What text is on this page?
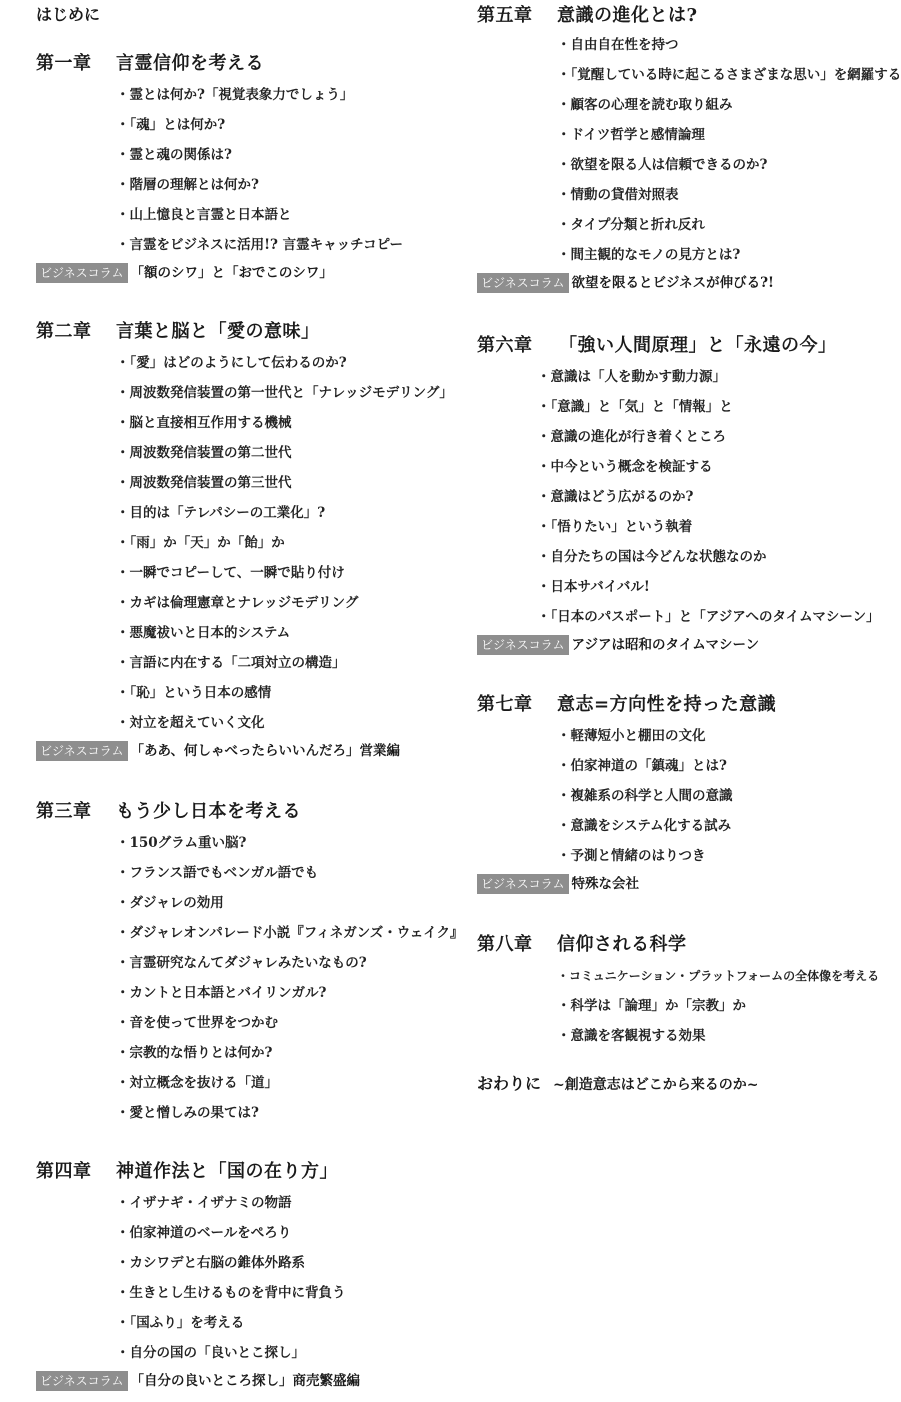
はじめに
第一章 言霊信仰を考える
・ 霊とは何か?「視覚表象力でしょう」
・ 「魂」とは何か?
・ 霊と魂の関係は?
・ 階層の理解とは何か?
・ 山上憶良と言霊と日本語と
・ 言霊をビジネスに活用!? 言霊キャッチコピー
ビジネスコラム 「額のシワ」と「おでこのシワ」
第二章 言葉と脳と「愛の意味」
・ 「愛」はどのようにして伝わるのか?
・ 周波数発信装置の第一世代と「ナレッジモデリング」
・ 脳と直接相互作用する機械
・ 周波数発信装置の第二世代
・ 周波数発信装置の第三世代
・ 目的は「テレパシーの工業化」?
・ 「雨」か「天」か「飴」か
・ 一瞬でコピーして、一瞬で貼り付け
・ カギは倫理憲章とナレッジモデリング
・ 悪魔祓いと日本的システム
・ 言語に内在する「二項対立の構造」
・ 「恥」という日本の感情
・ 対立を超えていく文化
ビジネスコラム 「ああ、何しゃべったらいいんだろ」営業編
第三章 もう少し日本を考える
・ 150グラム重い脳?
・ フランス語でもベンガル語でも
・ ダジャレの効用
・ ダジャレオンパレード小説『フィネガンズ・ウェイク』
・ 言霊研究なんてダジャレみたいなもの?
・ カントと日本語とバイリンガル?
・ 音を使って世界をつかむ
・ 宗教的な悟りとは何か?
・ 対立概念を抜ける「道」
・ 愛と憎しみの果ては?
第四章 神道作法と「国の在り方」
・ イザナギ・イザナミの物語
・ 伯家神道のベールをぺろり
・ カシワデと右脳の錐体外路系
・ 生きとし生けるものを背中に背負う
・ 「国ふり」を考える
・ 自分の国の「良いとこ探し」
ビジネスコラム 「自分の良いところ探し」商売繁盛編
第五章 意識の進化とは?
・ 自由自在性を持つ
・ 「覚醒している時に起こるさまざまな思い」を網羅する
・ 顧客の心理を読む取り組み
・ ドイツ哲学と感情論理
・ 欲望を限る人は信頼できるのか?
・ 情動の貸借対照表
・ タイプ分類と折れ反れ
・ 間主観的なモノの見方とは?
ビジネスコラム 欲望を限るとビジネスが伸びる?!
第六章 「強い人間原理」と「永遠の今」
・ 意識は「人を動かす動力源」
・ 「意識」と「気」と「情報」と
・ 意識の進化が行き着くところ
・ 中今という概念を検証する
・ 意識はどう広がるのか?
・ 「悟りたい」という執着
・ 自分たちの国は今どんな状態なのか
・ 日本サバイバル!
・ 「日本のパスポート」と「アジアへのタイムマシーン」
ビジネスコラム アジアは昭和のタイムマシーン
第七章 意志=方向性を持った意識
・ 軽薄短小と棚田の文化
・ 伯家神道の「鎮魂」とは?
・ 複雑系の科学と人間の意識
・ 意識をシステム化する試み
・ 予測と情緒のはりつき
ビジネスコラム 特殊な会社
第八章 信仰される科学
・ コミュニケーション・プラットフォームの全体像を考える
・ 科学は「論理」か「宗教」か
・ 意識を客観視する効果
おわりに ~創造意志はどこから来るのか~
